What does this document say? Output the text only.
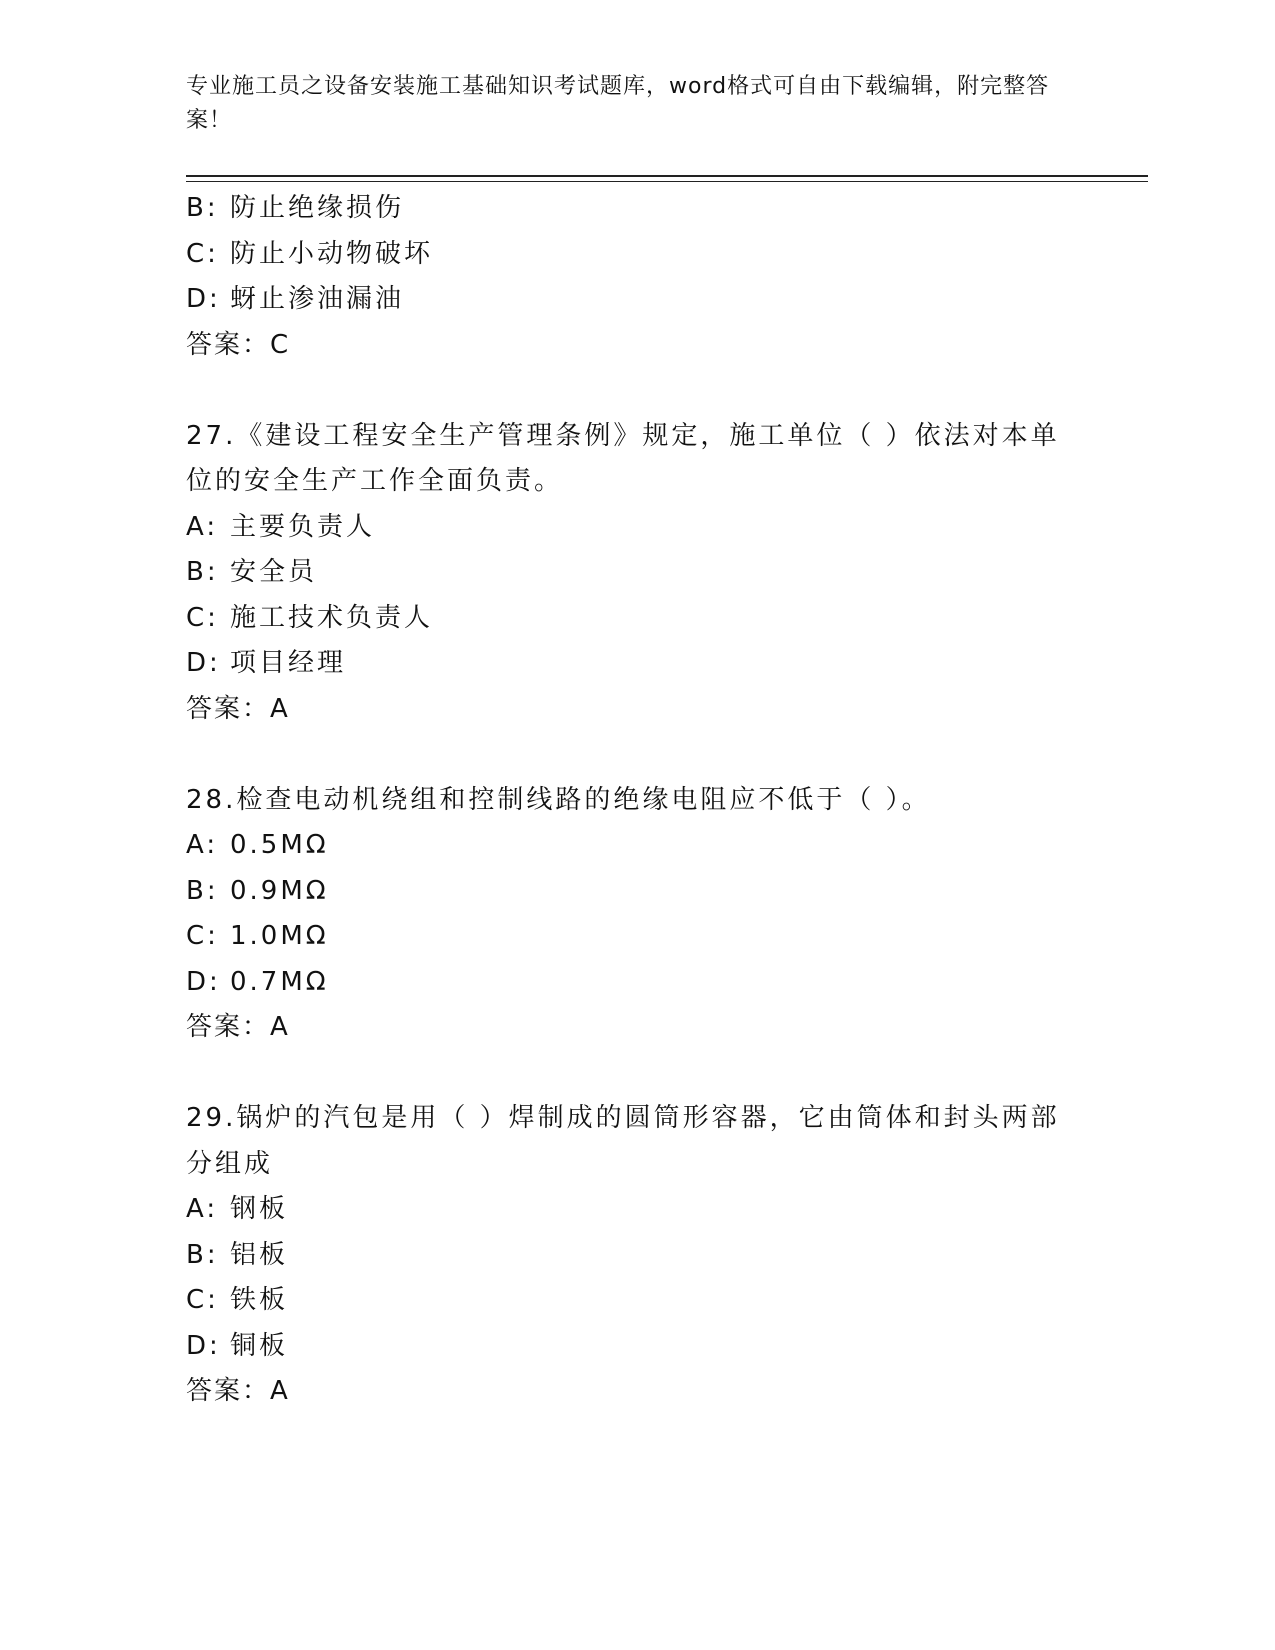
专业施工员之设备安装施工基础知识考试题库，word格式可自由下载编辑，附完整答案！
B: 防止绝缘损伤
C: 防止小动物破坏
D: 蚜止渗油漏油
答案：C
27.《建设工程安全生产管理条例》规定，施工单位（ ）依法对本单位的安全生产工作全面负责。
A: 主要负责人
B: 安全员
C: 施工技术负责人
D: 项目经理
答案：A
28.检查电动机绕组和控制线路的绝缘电阻应不低于（ ）。
A: 0.5MΩ
B: 0.9MΩ
C: 1.0MΩ
D: 0.7MΩ
答案：A
29.锅炉的汽包是用（ ）焊制成的圆筒形容器，它由筒体和封头两部分组成
A: 钢板
B: 铝板
C: 铁板
D: 铜板
答案：A
